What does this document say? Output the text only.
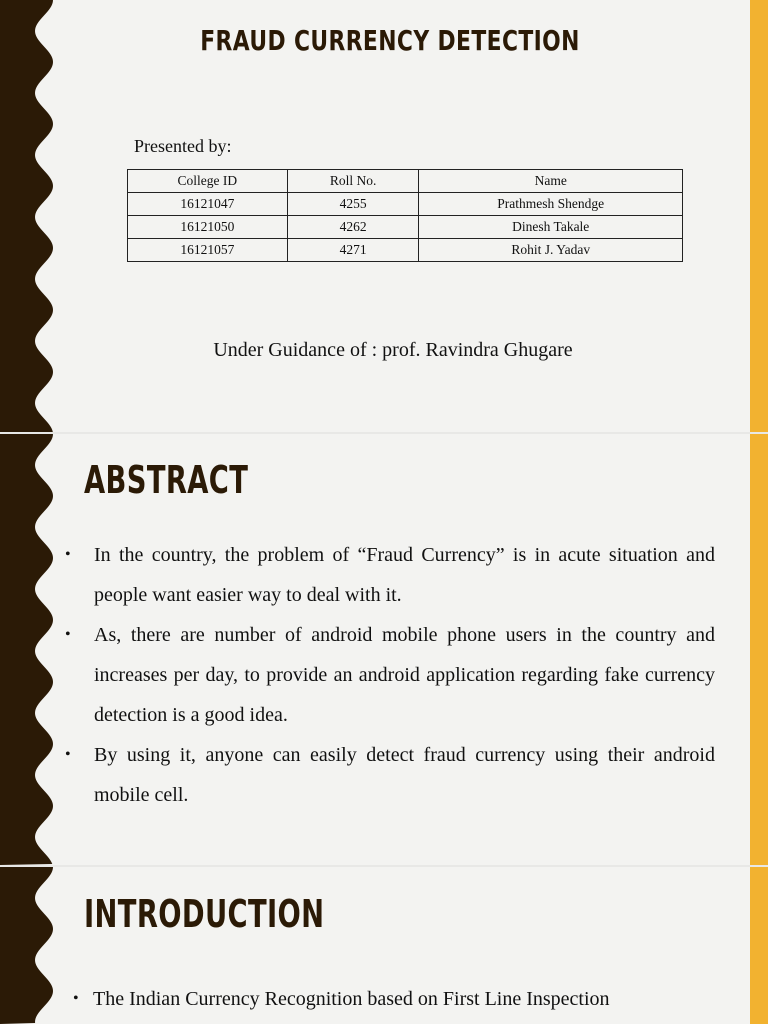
FRAUD CURRENCY DETECTION
Presented by:
College ID	Roll No.	Name
16121047	4255	Prathmesh Shendge
16121050	4262	Dinesh Takale
16121057	4271	Rohit J. Yadav
Under Guidance of : prof. Ravindra Ghugare
ABSTRACT
• In the country, the problem of “Fraud Currency” is in acute situation and people want easier way to deal with it.
• As, there are number of android mobile phone users in the country and increases per day, to provide an android application regarding fake currency detection is a good idea.
• By using it, anyone can easily detect fraud currency using their android mobile cell.
INTRODUCTION
• The Indian Currency Recognition based on First Line Inspection
